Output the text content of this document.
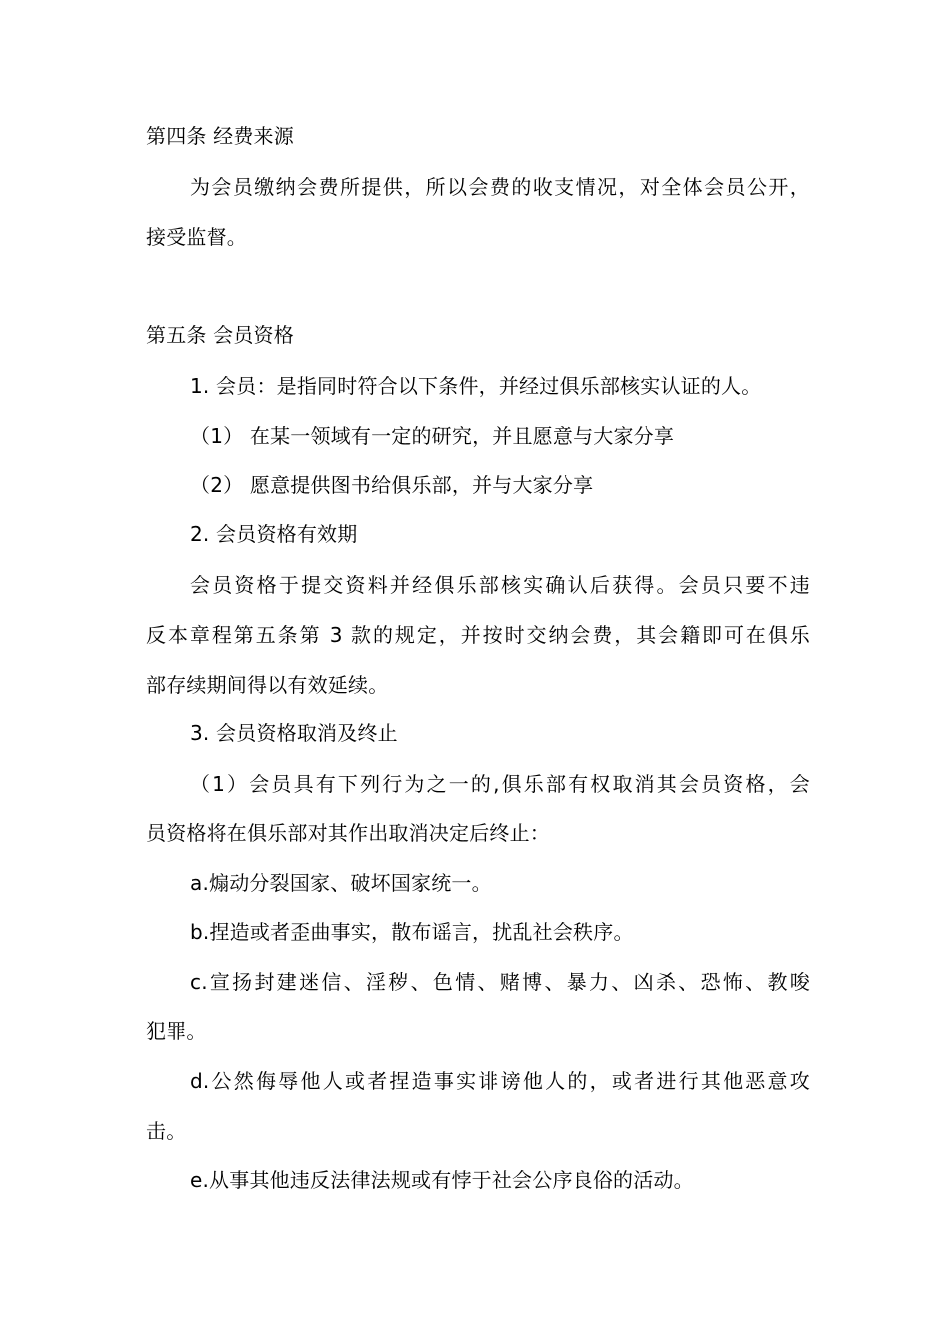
第四条 经费来源
为会员缴纳会费所提供，所以会费的收支情况，对全体会员公开，
接受监督。
第五条 会员资格
1. 会员：是指同时符合以下条件，并经过俱乐部核实认证的人。
（1） 在某一领域有一定的研究，并且愿意与大家分享
（2） 愿意提供图书给俱乐部，并与大家分享
2. 会员资格有效期
会员资格于提交资料并经俱乐部核实确认后获得。会员只要不违
反本章程第五条第 3 款的规定，并按时交纳会费，其会籍即可在俱乐
部存续期间得以有效延续。
3. 会员资格取消及终止
（1）会员具有下列行为之一的,俱乐部有权取消其会员资格，会
员资格将在俱乐部对其作出取消决定后终止：
a.煽动分裂国家、破坏国家统一。
b.捏造或者歪曲事实，散布谣言，扰乱社会秩序。
c.宣扬封建迷信、淫秽、色情、赌博、暴力、凶杀、恐怖、教唆
犯罪。
d.公然侮辱他人或者捏造事实诽谤他人的，或者进行其他恶意攻
击。
e.从事其他违反法律法规或有悖于社会公序良俗的活动。
